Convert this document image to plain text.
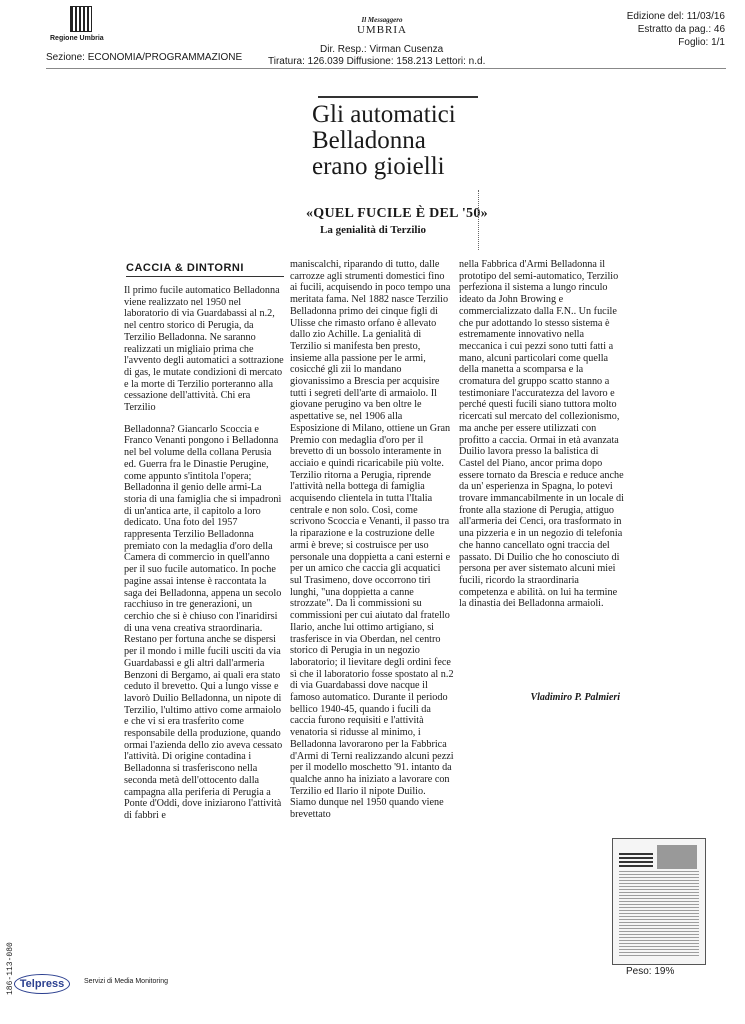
Regione Umbria
Sezione: ECONOMIA/PROGRAMMAZIONE
Il Messaggero
UMBRIA
Dir. Resp.: Virman Cusenza
Tiratura: 126.039 Diffusione: 158.213 Lettori: n.d.
Edizione del: 11/03/16
Estratto da pag.: 46
Foglio: 1/1
Gli automatici
Belladonna
erano gioielli
«QUEL FUCILE È DEL '50»
La genialità di Terzilio
CACCIA & DINTORNI

Il primo fucile automatico Belladonna viene realizzato nel 1950 nel laboratorio di via Guardabassi al n.2, nel centro storico di Perugia, da Terzilio Belladonna. Ne saranno realizzati un migliaio prima che l'avvento degli automatici a sottrazione di gas, le mutate condizioni di mercato e la morte di Terzilio porteranno alla cessazione dell'attività. Chi era Terzilio

Belladonna? Giancarlo Scoccia e Franco Venanti pongono i Belladonna nel bel volume della collana Perusia ed. Guerra fra le Dinastie Perugine, come appunto s'intitola l'opera; Belladonna il genio delle armi-La storia di una famiglia che si impadronì di un'antica arte, il capitolo a loro dedicato. Una foto del 1957 rappresenta Terzilio Belladonna premiato con la medaglia d'oro della Camera di commercio in quell'anno per il suo fucile automatico. In poche pagine assai intense è raccontata la saga dei Belladonna, appena un secolo racchiuso in tre generazioni, un cerchio che si è chiuso con l'inaridirsi di una vena creativa straordinaria. Restano per fortuna anche se dispersi per il mondo i mille fucili usciti da via Guardabassi e gli altri dall'armeria Benzoni di Bergamo, ai quali era stato ceduto il brevetto. Qui a lungo visse e lavorò Duilio Belladonna, un nipote di Terzilio, l'ultimo attivo come armaiolo e che vi si era trasferito come responsabile della produzione, quando ormai l'azienda dello zio aveva cessato l'attività. Di origine contadina i Belladonna si trasferiscono nella seconda metà dell'ottocento dalla campagna alla periferia di Perugia a Ponte d'Oddi, dove iniziarono l'attività di fabbri e

maniscalchi, riparando di tutto, dalle carrozze agli strumenti domestici fino ai fucili, acquisendo in poco tempo una meritata fama. Nel 1882 nasce Terzilio Belladonna primo dei cinque figli di Ulisse che rimasto orfano è allevato dallo zio Achille. La genialità di Terzilio si manifesta ben presto, insieme alla passione per le armi, cosicché gli zii lo mandano giovanissimo a Brescia per acquisire tutti i segreti dell'arte di armaiolo. Il giovane perugino va ben oltre le aspettative se, nel 1906 alla Esposizione di Milano, ottiene un Gran Premio con medaglia d'oro per il brevetto di un bossolo interamente in acciaio e quindi ricaricabile più volte. Terzilio ritorna a Perugia, riprende l'attività nella bottega di famiglia acquisendo clientela in tutta l'Italia centrale e non solo. Così, come scrivono Scoccia e Venanti, il passo tra la riparazione e la costruzione delle armi è breve; si costruisce per uso personale una doppietta a cani esterni e per un amico che caccia gli acquatici sul Trasimeno, dove occorrono tiri lunghi, "una doppietta a canne strozzate". Da lì commissioni su commissioni per cui aiutato dal fratello Ilario, anche lui ottimo artigiano, si trasferisce in via Oberdan, nel centro storico di Perugia in un negozio laboratorio; il lievitare degli ordini fece sì che il laboratorio fosse spostato al n.2 di via Guardabassi dove nacque il famoso automatico. Durante il periodo bellico 1940-45, quando i fucili da caccia furono requisiti e l'attività venatoria si ridusse al minimo, i Belladonna lavorarono per la Fabbrica d'Armi di Terni realizzando alcuni pezzi per il modello moschetto '91. intanto da qualche anno ha iniziato a lavorare con Terzilio ed Ilario il nipote Duilio. Siamo dunque nel 1950 quando viene brevettato

nella Fabbrica d'Armi Belladonna il prototipo del semi-automatico, Terzilio perfeziona il sistema a lungo rinculo ideato da John Browing e commercializzato dalla F.N.. Un fucile che pur adottando lo stesso sistema è estremamente innovativo nella meccanica i cui pezzi sono tutti fatti a mano, alcuni particolari come quella della manetta a scomparsa e la cromatura del gruppo scatto stanno a testimoniare l'accuratezza del lavoro e perché questi fucili siano tuttora molto ricercati sul mercato del collezionismo, ma anche per essere utilizzati con profitto a caccia. Ormai in età avanzata Duilio lavora presso la balistica di Castel del Piano, ancor prima dopo essere tornato da Brescia e reduce anche da un' esperienza in Spagna, lo potevi trovare immancabilmente in un locale di fronte alla stazione di Perugia, attiguo all'armeria dei Cenci, ora trasformato in una pizzeria e in un negozio di telefonia che hanno cancellato ogni traccia del passato. Di Duilio che ho conosciuto di persona per aver sistemato alcuni miei fucili, ricordo la straordinaria competenza e abilità. on lui ha termine la dinastia dei Belladonna armaioli.

Vladimiro P. Palmieri
186-113-080	Peso: 19%
Telpress	Servizi di Media Monitoring
